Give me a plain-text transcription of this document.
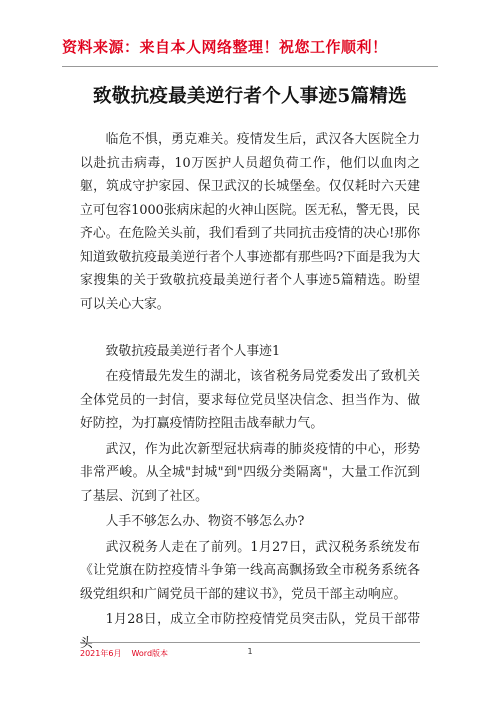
资料来源：来自本人网络整理！祝您工作顺利！
致敬抗疫最美逆行者个人事迹5篇精选

临危不惧，勇克难关。疫情发生后，武汉各大医院全力以赴抗击病毒，10万医护人员超负荷工作，他们以血肉之躯，筑成守护家园、保卫武汉的长城堡垒。仅仅耗时六天建立可包容1000张病床起的火神山医院。医无私，警无畏，民齐心。在危险关头前，我们看到了共同抗击疫情的决心!那你知道致敬抗疫最美逆行者个人事迹都有那些吗?下面是我为大家搜集的关于致敬抗疫最美逆行者个人事迹5篇精选。盼望可以关心大家。

致敬抗疫最美逆行者个人事迹1

在疫情最先发生的湖北，该省税务局党委发出了致机关全体党员的一封信，要求每位党员坚决信念、担当作为、做好防控，为打赢疫情防控阻击战奉献力气。

武汉，作为此次新型冠状病毒的肺炎疫情的中心，形势非常严峻。从全城"封城"到"四级分类隔离"，大量工作沉到了基层、沉到了社区。

人手不够怎么办、物资不够怎么办?

武汉税务人走在了前列。1月27日，武汉税务系统发布《让党旗在防控疫情斗争第一线高高飘扬致全市税务系统各级党组织和广阔党员干部的建议书》，党员干部主动响应。

1月28日，成立全市防控疫情党员突击队，党员干部带头

2021年6月 Word版本	1
